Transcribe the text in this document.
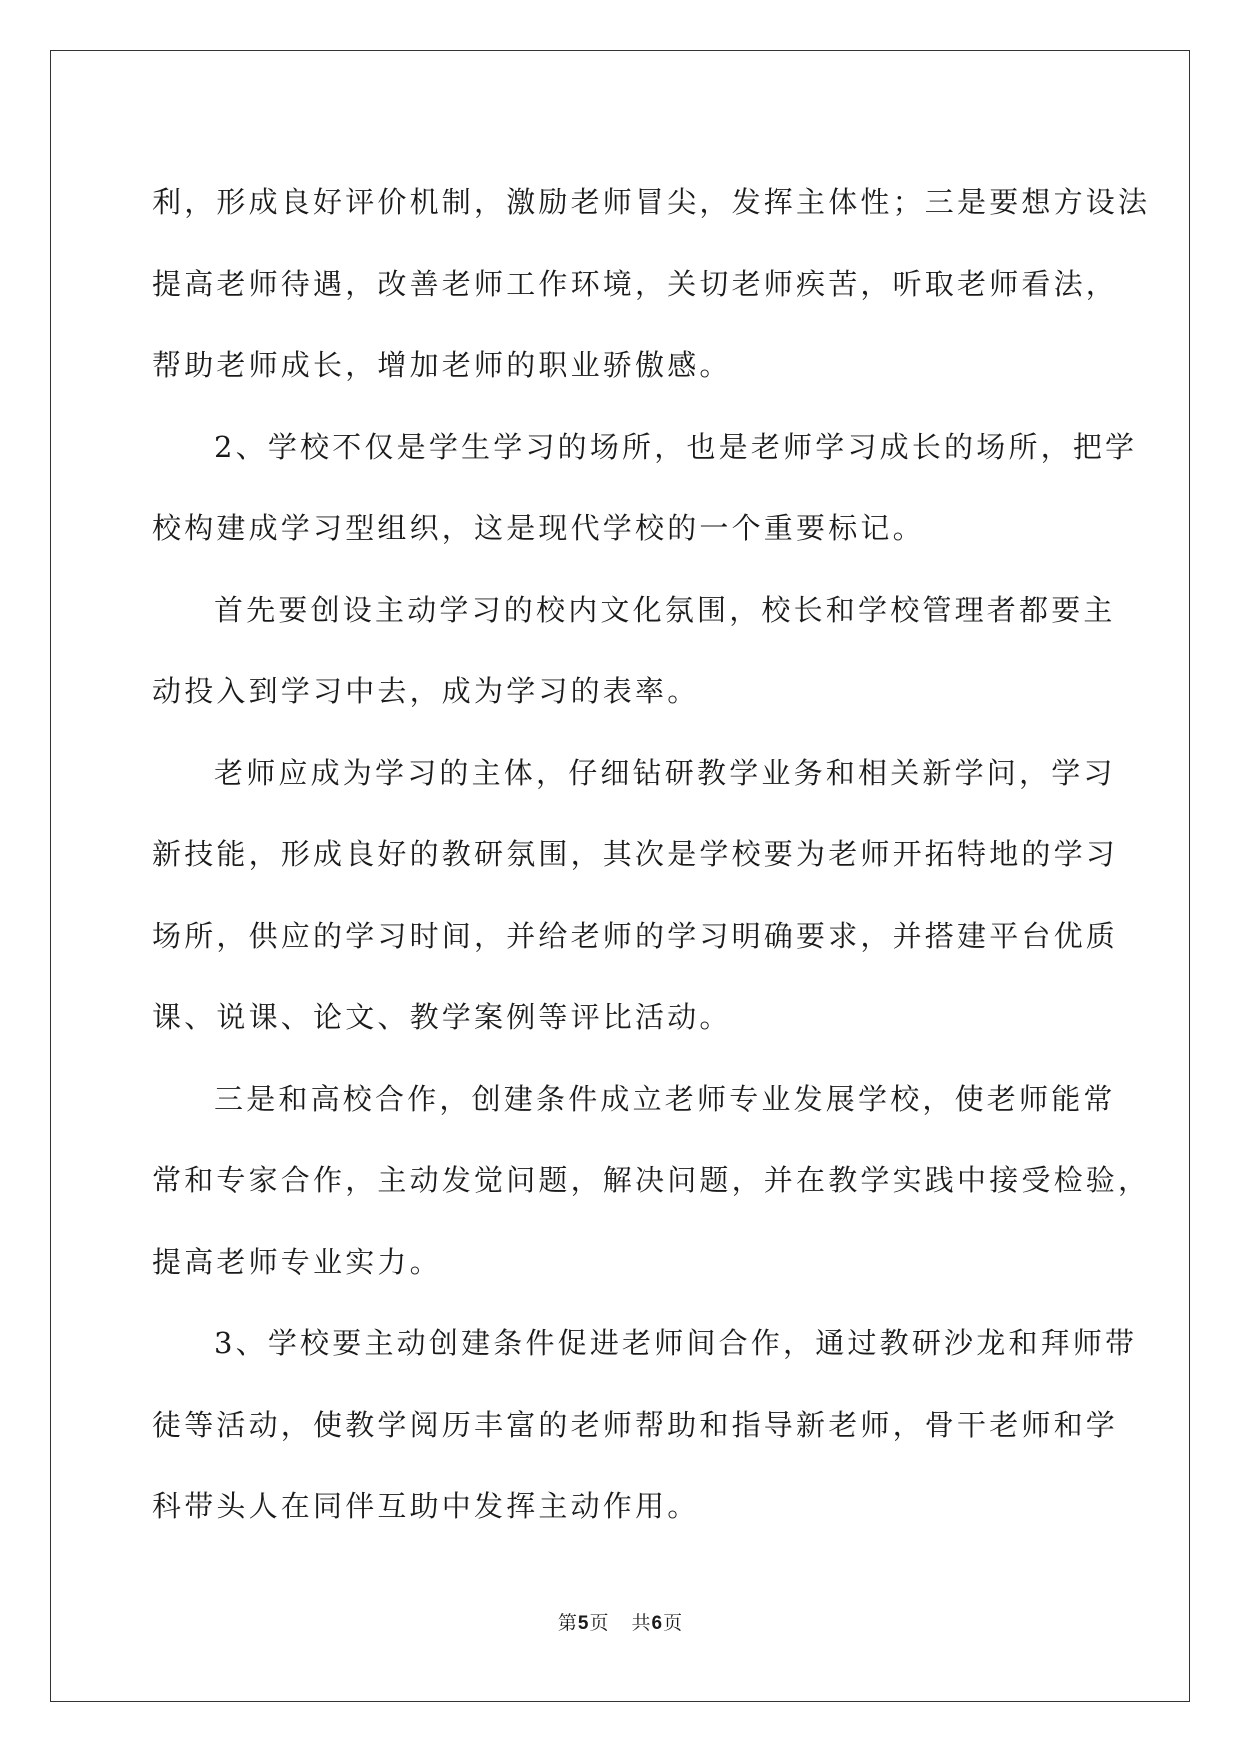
利，形成良好评价机制，激励老师冒尖，发挥主体性；三是要想方设法
提高老师待遇，改善老师工作环境，关切老师疾苦，听取老师看法，
帮助老师成长，增加老师的职业骄傲感。
2、学校不仅是学生学习的场所，也是老师学习成长的场所，把学
校构建成学习型组织，这是现代学校的一个重要标记。
首先要创设主动学习的校内文化氛围，校长和学校管理者都要主
动投入到学习中去，成为学习的表率。
老师应成为学习的主体，仔细钻研教学业务和相关新学问，学习
新技能，形成良好的教研氛围，其次是学校要为老师开拓特地的学习
场所，供应的学习时间，并给老师的学习明确要求，并搭建平台优质
课、说课、论文、教学案例等评比活动。
三是和高校合作，创建条件成立老师专业发展学校，使老师能常
常和专家合作，主动发觉问题，解决问题，并在教学实践中接受检验，
提高老师专业实力。
3、学校要主动创建条件促进老师间合作，通过教研沙龙和拜师带
徒等活动，使教学阅历丰富的老师帮助和指导新老师，骨干老师和学
科带头人在同伴互助中发挥主动作用。
第5页 共6页
